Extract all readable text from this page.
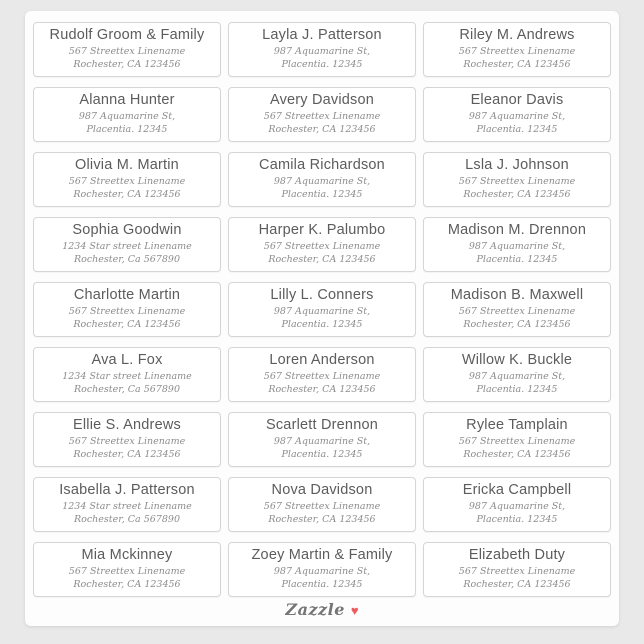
Rudolf Groom & Family
567 Streettex Linename
Rochester, CA 123456
Layla J. Patterson
987 Aquamarine St,
Placentia. 12345
Riley M. Andrews
567 Streettex Linename
Rochester, CA 123456
Alanna Hunter
987 Aquamarine St,
Placentia. 12345
Avery Davidson
567 Streettex Linename
Rochester, CA 123456
Eleanor Davis
987 Aquamarine St,
Placentia. 12345
Olivia M. Martin
567 Streettex Linename
Rochester, CA 123456
Camila Richardson
987 Aquamarine St,
Placentia. 12345
Lsla J. Johnson
567 Streettex Linename
Rochester, CA 123456
Sophia Goodwin
1234 Star street Linename
Rochester, Ca 567890
Harper K. Palumbo
567 Streettex Linename
Rochester, CA 123456
Madison M. Drennon
987 Aquamarine St,
Placentia. 12345
Charlotte Martin
567 Streettex Linename
Rochester, CA 123456
Lilly L. Conners
987 Aquamarine St,
Placentia. 12345
Madison B. Maxwell
567 Streettex Linename
Rochester, CA 123456
Ava L. Fox
1234 Star street Linename
Rochester, Ca 567890
Loren Anderson
567 Streettex Linename
Rochester, CA 123456
Willow K. Buckle
987 Aquamarine St,
Placentia. 12345
Ellie S. Andrews
567 Streettex Linename
Rochester, CA 123456
Scarlett Drennon
987 Aquamarine St,
Placentia. 12345
Rylee Tamplain
567 Streettex Linename
Rochester, CA 123456
Isabella J. Patterson
1234 Star street Linename
Rochester, Ca 567890
Nova Davidson
567 Streettex Linename
Rochester, CA 123456
Ericka Campbell
987 Aquamarine St,
Placentia. 12345
Mia Mckinney
567 Streettex Linename
Rochester, CA 123456
Zoey Martin & Family
987 Aquamarine St,
Placentia. 12345
Elizabeth Duty
567 Streettex Linename
Rochester, CA 123456
Zazzle ♥
